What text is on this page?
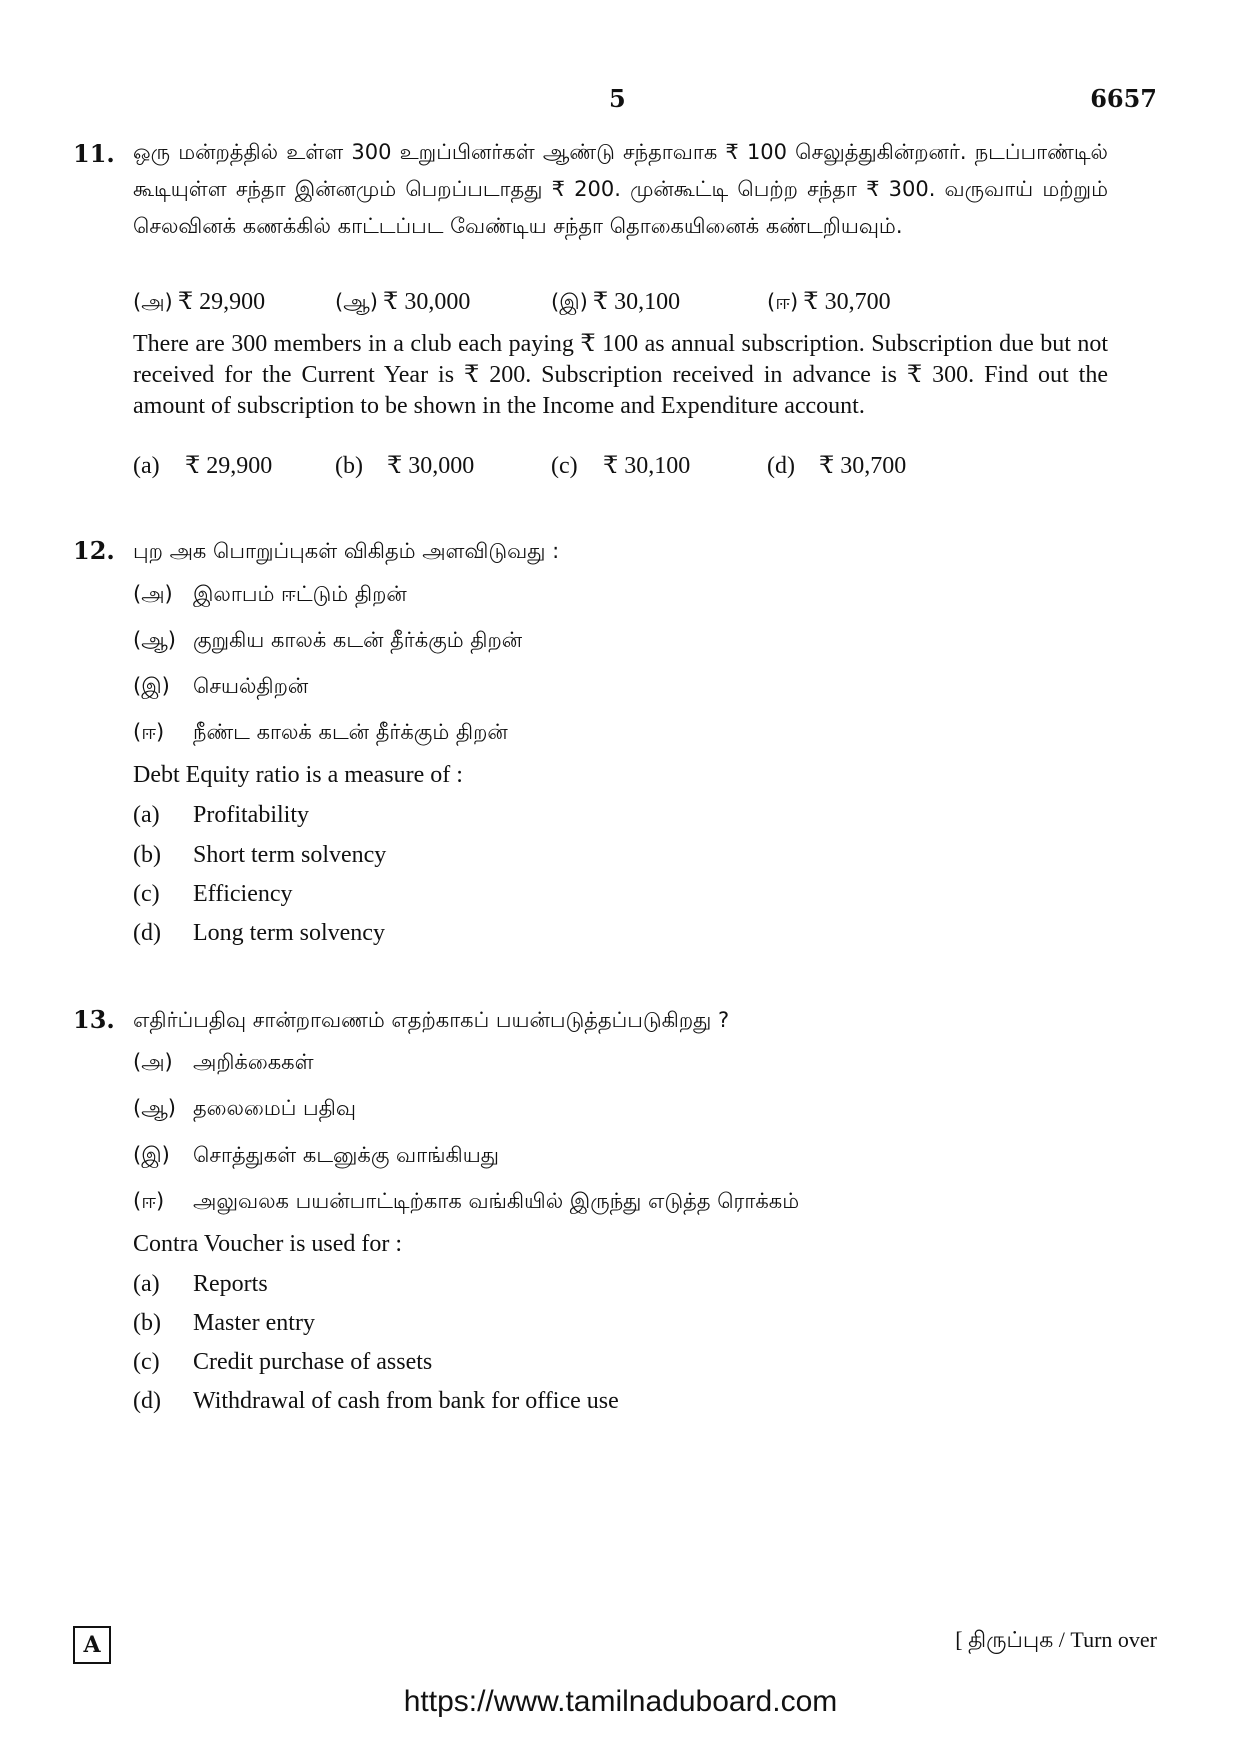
5	6657
11. ஒரு மன்றத்தில் உள்ள 300 உறுப்பினர்கள் ஆண்டு சந்தாவாக ₹ 100 செலுத்துகின்றனர். நடப்பாண்டில் கூடியுள்ள சந்தா இன்னமும் பெறப்படாதது ₹ 200. முன்கூட்டி பெற்ற சந்தா ₹ 300. வருவாய் மற்றும் செலவினக் கணக்கில் காட்டப்பட வேண்டிய சந்தா தொகையினைக் கண்டறியவும்.
(அ) ₹ 29,900	(ஆ) ₹ 30,000	(இ) ₹ 30,100	(ஈ) ₹ 30,700
There are 300 members in a club each paying ₹ 100 as annual subscription. Subscription due but not received for the Current Year is ₹ 200. Subscription received in advance is ₹ 300. Find out the amount of subscription to be shown in the Income and Expenditure account.
(a) ₹ 29,900	(b) ₹ 30,000	(c) ₹ 30,100	(d) ₹ 30,700
12. புற அக பொறுப்புகள் விகிதம் அளவிடுவது :
(அ) இலாபம் ஈட்டும் திறன்
(ஆ) குறுகிய காலக் கடன் தீர்க்கும் திறன்
(இ) செயல்திறன்
(ஈ) நீண்ட காலக் கடன் தீர்க்கும் திறன்
Debt Equity ratio is a measure of :
(a) Profitability
(b) Short term solvency
(c) Efficiency
(d) Long term solvency
13. எதிர்ப்பதிவு சான்றாவணம் எதற்காகப் பயன்படுத்தப்படுகிறது ?
(அ) அறிக்கைகள்
(ஆ) தலைமைப் பதிவு
(இ) சொத்துகள் கடனுக்கு வாங்கியது
(ஈ) அலுவலக பயன்பாட்டிற்காக வங்கியில் இருந்து எடுத்த ரொக்கம்
Contra Voucher is used for :
(a) Reports
(b) Master entry
(c) Credit purchase of assets
(d) Withdrawal of cash from bank for office use
A	[ திருப்புக / Turn over
https://www.tamilnaduboard.com
